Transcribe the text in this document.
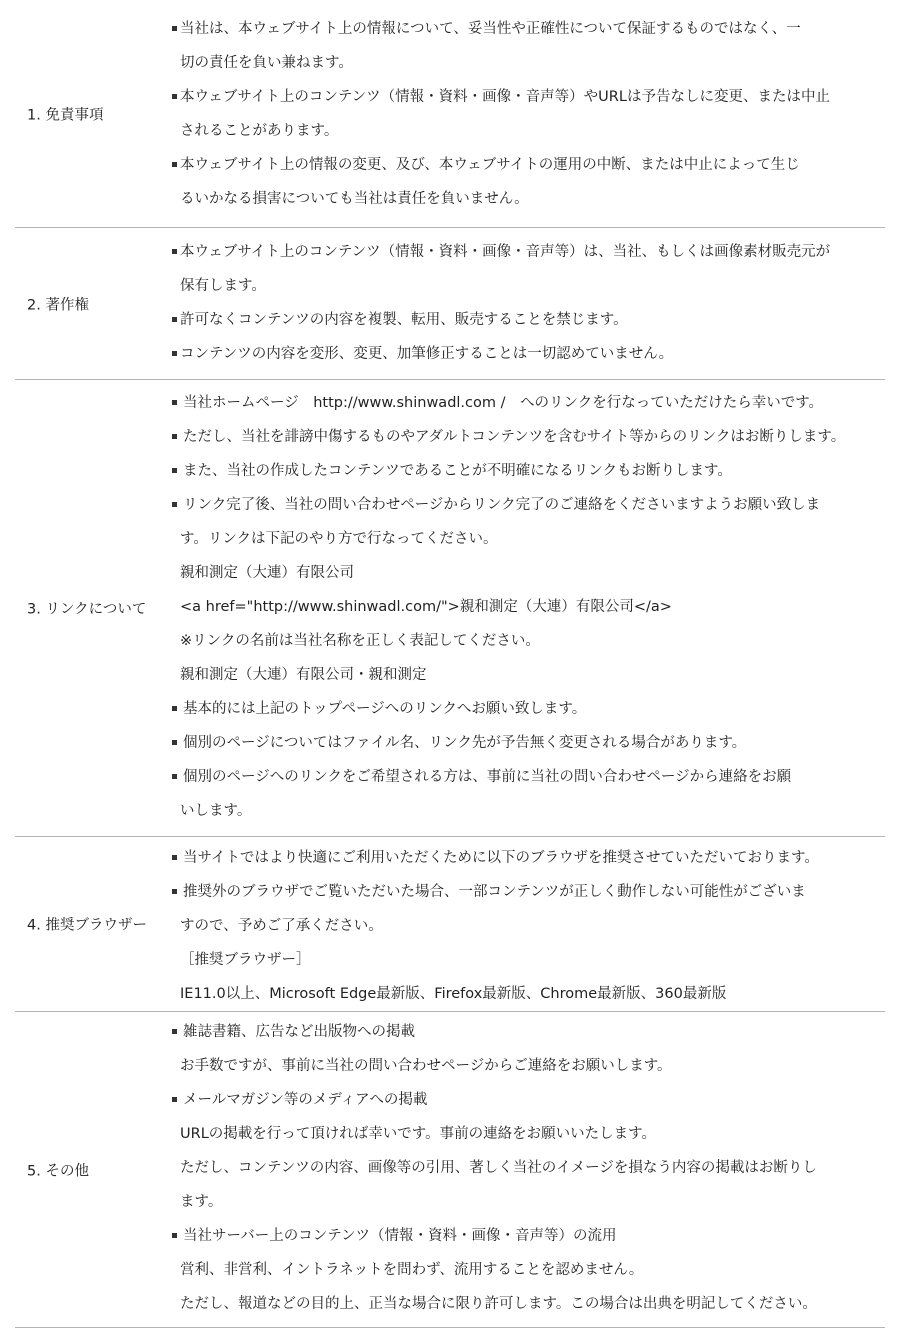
1. 免責事項
当社は、本ウェブサイト上の情報について、妥当性や正確性について保証するものではなく、一
切の責任を負い兼ねます。
本ウェブサイト上のコンテンツ（情報・資料・画像・音声等）やURLは予告なしに変更、または中止
されることがあります。
本ウェブサイト上の情報の変更、及び、本ウェブサイトの運用の中断、または中止によって生じ
るいかなる損害についても当社は責任を負いません。
2. 著作権
本ウェブサイト上のコンテンツ（情報・資料・画像・音声等）は、当社、もしくは画像素材販売元が
保有します。
許可なくコンテンツの内容を複製、転用、販売することを禁じます。
コンテンツの内容を変形、変更、加筆修正することは一切認めていません。
3. リンクについて
当社ホームページ　http://www.shinwadl.com /　へのリンクを行なっていただけたら幸いです。
ただし、当社を誹謗中傷するものやアダルトコンテンツを含むサイト等からのリンクはお断りします。
また、当社の作成したコンテンツであることが不明確になるリンクもお断りします。
リンク完了後、当社の問い合わせページからリンク完了のご連絡をくださいますようお願い致しま
す。リンクは下記のやり方で行なってください。
親和測定（大連）有限公司
<a href="http://www.shinwadl.com/">親和測定（大連）有限公司</a>
※リンクの名前は当社名称を正しく表記してください。
親和測定（大連）有限公司・親和測定
基本的には上記のトップページへのリンクへお願い致します。
個別のページについてはファイル名、リンク先が予告無く変更される場合があります。
個別のページへのリンクをご希望される方は、事前に当社の問い合わせページから連絡をお願
いします。
4. 推奨ブラウザー
当サイトではより快適にご利用いただくために以下のブラウザを推奨させていただいております。
推奨外のブラウザでご覧いただいた場合、一部コンテンツが正しく動作しない可能性がございま
すので、予めご了承ください。
［推奨ブラウザー］
IE11.0以上、Microsoft Edge最新版、Firefox最新版、Chrome最新版、360最新版
5. その他
雑誌書籍、広告など出版物への掲載
お手数ですが、事前に当社の問い合わせページからご連絡をお願いします。
メールマガジン等のメディアへの掲載
URLの掲載を行って頂ければ幸いです。事前の連絡をお願いいたします。
ただし、コンテンツの内容、画像等の引用、著しく当社のイメージを損なう内容の掲載はお断りし
ます。
当社サーバー上のコンテンツ（情報・資料・画像・音声等）の流用
営利、非営利、イントラネットを問わず、流用することを認めません。
ただし、報道などの目的上、正当な場合に限り許可します。この場合は出典を明記してください。
